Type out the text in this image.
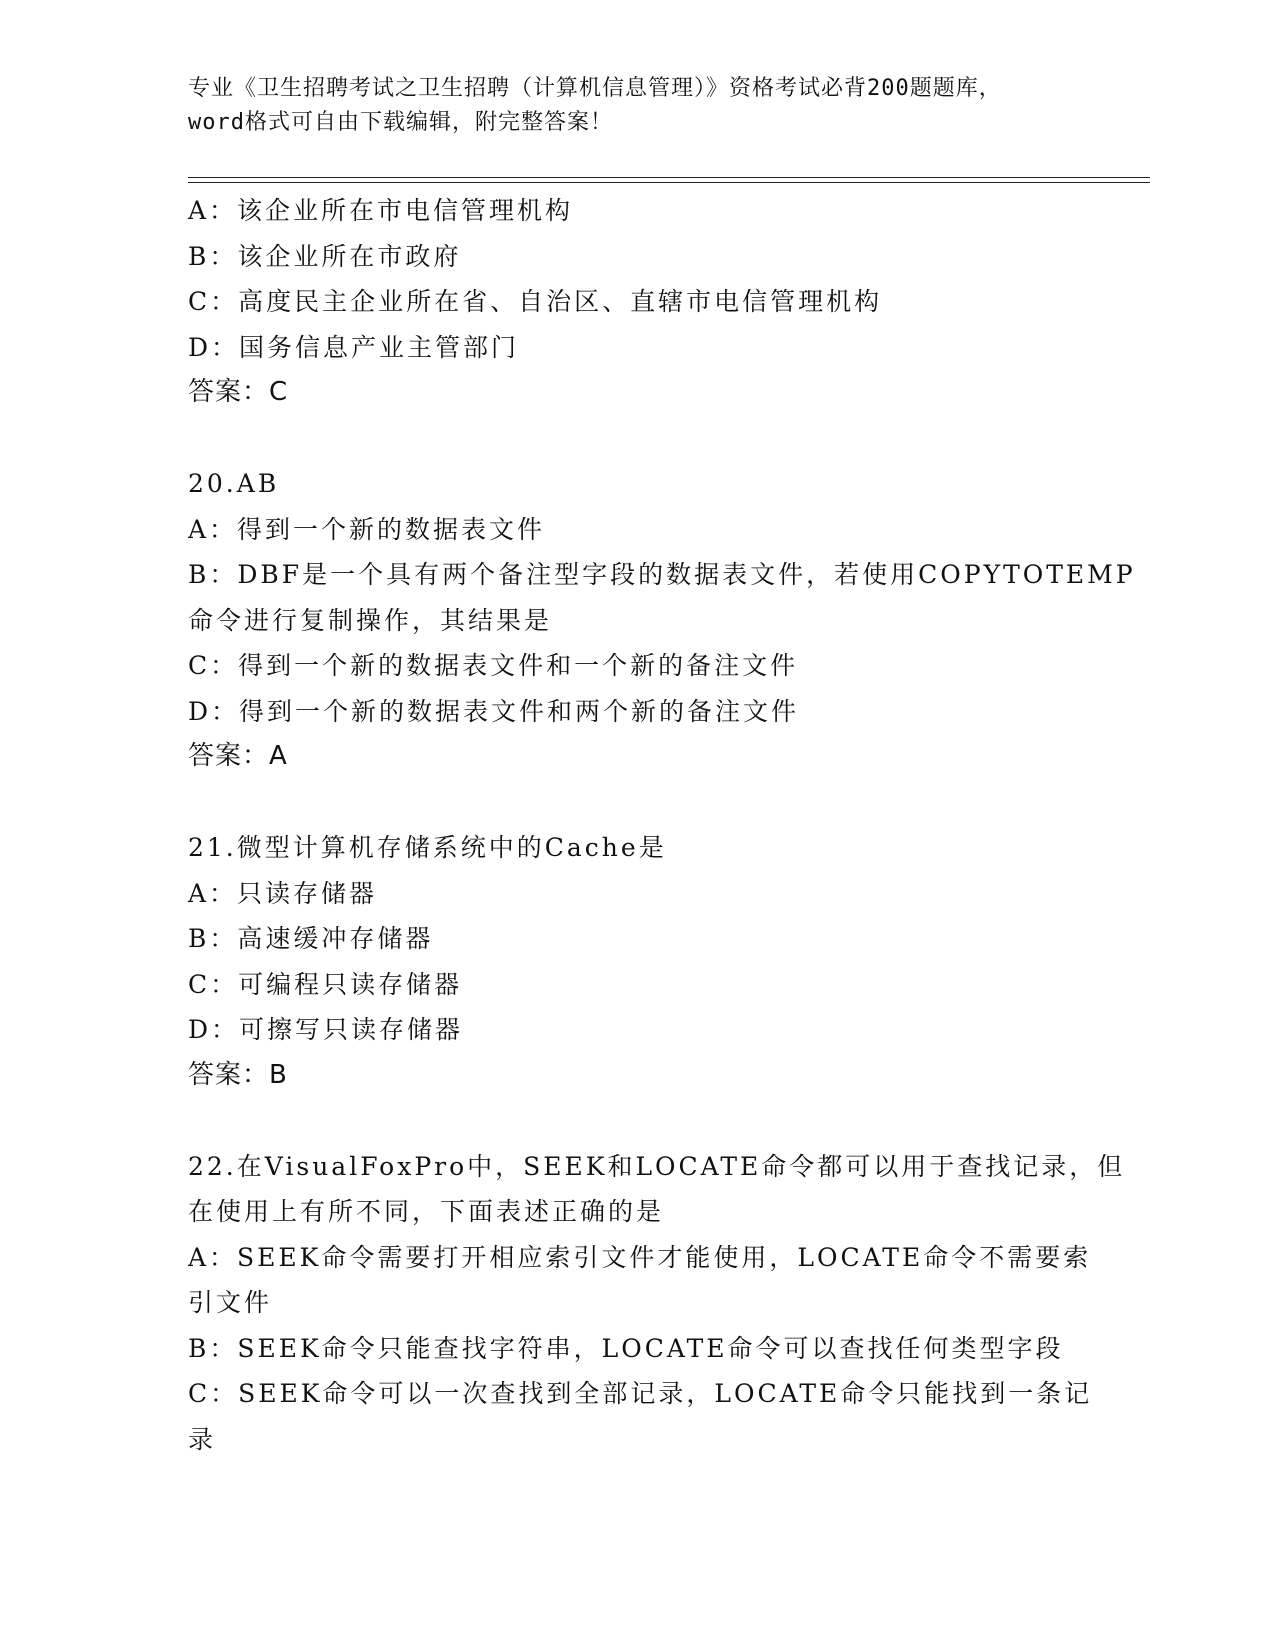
专业《卫生招聘考试之卫生招聘（计算机信息管理）》资格考试必背200题题库，
word格式可自由下载编辑，附完整答案！
A：该企业所在市电信管理机构
B：该企业所在市政府
C：高度民主企业所在省、自治区、直辖市电信管理机构
D：国务信息产业主管部门
答案：C
20.AB
A：得到一个新的数据表文件
B：DBF是一个具有两个备注型字段的数据表文件，若使用COPYTOTEMP
命令进行复制操作，其结果是
C：得到一个新的数据表文件和一个新的备注文件
D：得到一个新的数据表文件和两个新的备注文件
答案：A
21.微型计算机存储系统中的Cache是
A：只读存储器
B：高速缓冲存储器
C：可编程只读存储器
D：可擦写只读存储器
答案：B
22.在VisualFoxPro中，SEEK和LOCATE命令都可以用于查找记录，但
在使用上有所不同，下面表述正确的是
A：SEEK命令需要打开相应索引文件才能使用，LOCATE命令不需要索
引文件
B：SEEK命令只能查找字符串，LOCATE命令可以查找任何类型字段
C：SEEK命令可以一次查找到全部记录，LOCATE命令只能找到一条记
录
